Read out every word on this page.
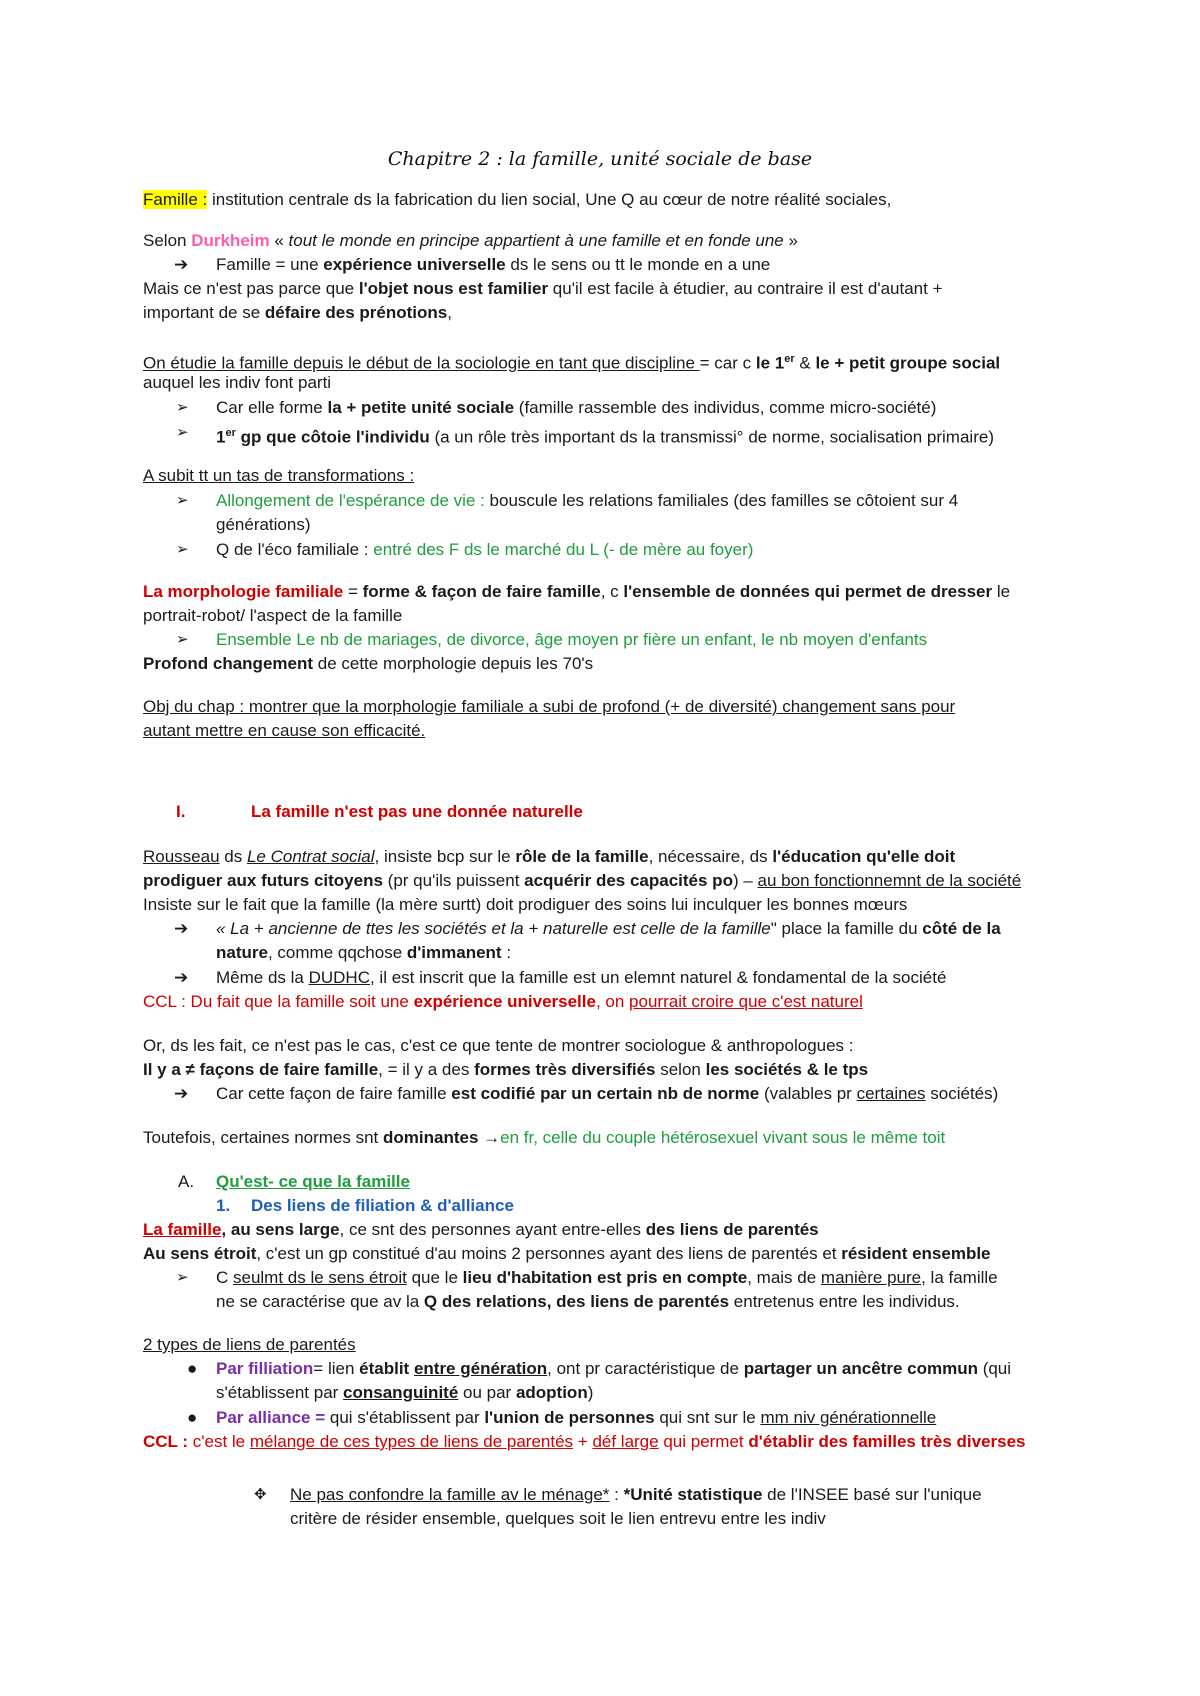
Chapitre 2 : la famille, unité sociale de base
Famille : institution centrale ds la fabrication du lien social, Une Q au cœur de notre réalité sociales,
Selon Durkheim « tout le monde en principe appartient à une famille et en fonde une »
➔ Famille = une expérience universelle ds le sens ou tt le monde en a une
Mais ce n'est pas parce que l'objet nous est familier qu'il est facile à étudier, au contraire il est d'autant +
important de se défaire des prénotions,
On étudie la famille depuis le début de la sociologie en tant que discipline = car c le 1er & le + petit groupe social
auquel les indiv font parti
➢ Car elle forme la + petite unité sociale (famille rassemble des individus, comme micro-société)
➢ 1er gp que côtoie l'individu (a un rôle très important ds la transmissi° de norme, socialisation primaire)
A subit tt un tas de transformations :
➢ Allongement de l'espérance de vie : bouscule les relations familiales (des familles se côtoient sur 4
générations)
➢ Q de l'éco familiale : entré des F ds le marché du L (- de mère au foyer)
La morphologie familiale = forme & façon de faire famille, c l'ensemble de données qui permet de dresser le
portrait-robot/ l'aspect de la famille
➢ Ensemble Le nb de mariages, de divorce, âge moyen pr fière un enfant, le nb moyen d'enfants
Profond changement de cette morphologie depuis les 70's
Obj du chap : montrer que la morphologie familiale a subi de profond (+ de diversité) changement sans pour
autant mettre en cause son efficacité.
I.	La famille n'est pas une donnée naturelle
Rousseau ds Le Contrat social, insiste bcp sur le rôle de la famille, nécessaire, ds l'éducation qu'elle doit
prodiguer aux futurs citoyens (pr qu'ils puissent acquérir des capacités po) – au bon fonctionnemnt de la société
Insiste sur le fait que la famille (la mère surtt) doit prodiguer des soins lui inculquer les bonnes mœurs
➔ « La + ancienne de ttes les sociétés et la + naturelle est celle de la famille" place la famille du côté de la
nature, comme qqchose d'immanent :
➔ Même ds la DUDHC, il est inscrit que la famille est un elemnt naturel & fondamental de la société
CCL : Du fait que la famille soit une expérience universelle, on pourrait croire que c'est naturel
Or, ds les fait, ce n'est pas le cas, c'est ce que tente de montrer sociologue & anthropologues :
Il y a ≠ façons de faire famille, = il y a des formes très diversifiés selon les sociétés & le tps
➔ Car cette façon de faire famille est codifié par un certain nb de norme (valables pr certaines sociétés)
Toutefois, certaines normes snt dominantes →en fr, celle du couple hétérosexuel vivant sous le même toit
A. Qu'est- ce que la famille
1. Des liens de filiation & d'alliance
La famille, au sens large, ce snt des personnes ayant entre-elles des liens de parentés
Au sens étroit, c'est un gp constitué d'au moins 2 personnes ayant des liens de parentés et résident ensemble
➢ C seulmt ds le sens étroit que le lieu d'habitation est pris en compte, mais de manière pure, la famille
ne se caractérise que av la Q des relations, des liens de parentés entretenus entre les individus.
2 types de liens de parentés
● Par filliation= lien établit entre génération, ont pr caractéristique de partager un ancêtre commun (qui
s'établissent par consanguinité ou par adoption)
● Par alliance = qui s'établissent par l'union de personnes qui snt sur le mm niv générationnelle
CCL : c'est le mélange de ces types de liens de parentés + déf large qui permet d'établir des familles très diverses
✥ Ne pas confondre la famille av le ménage* : *Unité statistique de l'INSEE basé sur l'unique
critère de résider ensemble, quelques soit le lien entrevu entre les indiv
